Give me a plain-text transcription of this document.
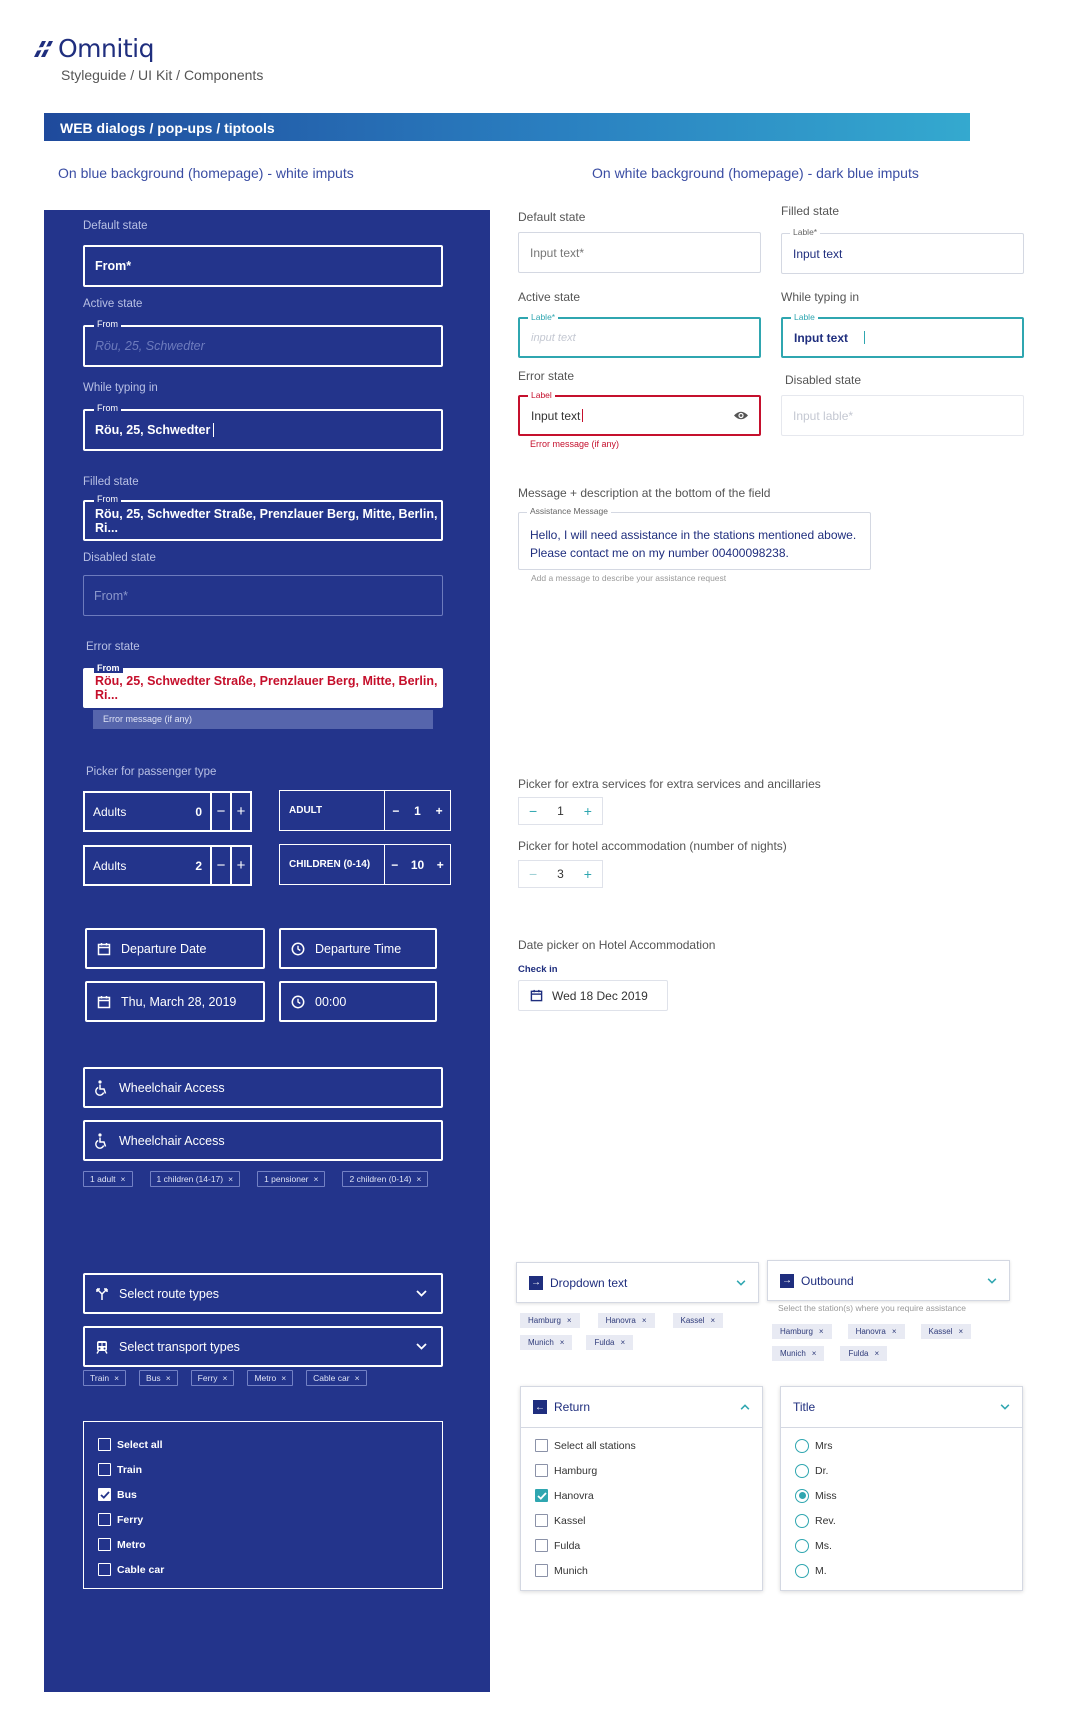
Omnitiq
Styleguide / UI Kit / Components
WEB dialogs / pop-ups / tiptools
On blue background (homepage) - white imputs	On white background (homepage) - dark blue imputs
Default state
From*
Active state
From
Röu, 25, Schwedter
While typing in
From
Röu, 25, Schwedter
Filled state
From
Röu, 25, Schwedter Straße, Prenzlauer Berg, Mitte, Berlin, Ri...
Disabled state
From*
Error state
From
Röu, 25, Schwedter Straße, Prenzlauer Berg, Mitte, Berlin, Ri...
Error message (if any)
Picker for passenger type
Adults	0 − +
Adults	2 − +
ADULT	− 1 +
CHILDREN (0-14)	− 10 +
Departure Date	Departure Time
Thu, March 28, 2019	00:00
Wheelchair Access
Wheelchair Access
1 adult ×	1 children (14-17) ×	1 pensioner ×	2 children (0-14) ×
Select route types
Select transport types
Train ×	Bus ×	Ferry ×	Metro ×	Cable car ×
Select all
Train
Bus
Ferry
Metro
Cable car
Default state
Input text*
Filled state
Lable*
Input text
Active state
Lable*
input text
While typing in
Lable
Input text
Error state
Label
Input text
Error message (if any)
Disabled state
Input lable*
Message + description at the bottom of the field
Assistance Message
Hello, I will need assistance in the stations mentioned abowe. Please contact me on my number 00400098238.
Add a message to describe your assistance request
Picker for extra services for extra services and ancillaries
− 1 +
Picker for hotel accommodation (number of nights)
− 3 +
Date picker on Hotel Accommodation
Check in
Wed 18 Dec 2019
→ Dropdown text
Hamburg ×	Hanovra ×	Kassel ×
Munich ×	Fulda ×
→ Outbound
Select the station(s) where you require assistance
Hamburg ×	Hanovra ×	Kassel ×
Munich ×	Fulda ×
← Return
Select all stations
Hamburg
Hanovra
Kassel
Fulda
Munich
Title
Mrs
Dr.
Miss
Rev.
Ms.
M.
